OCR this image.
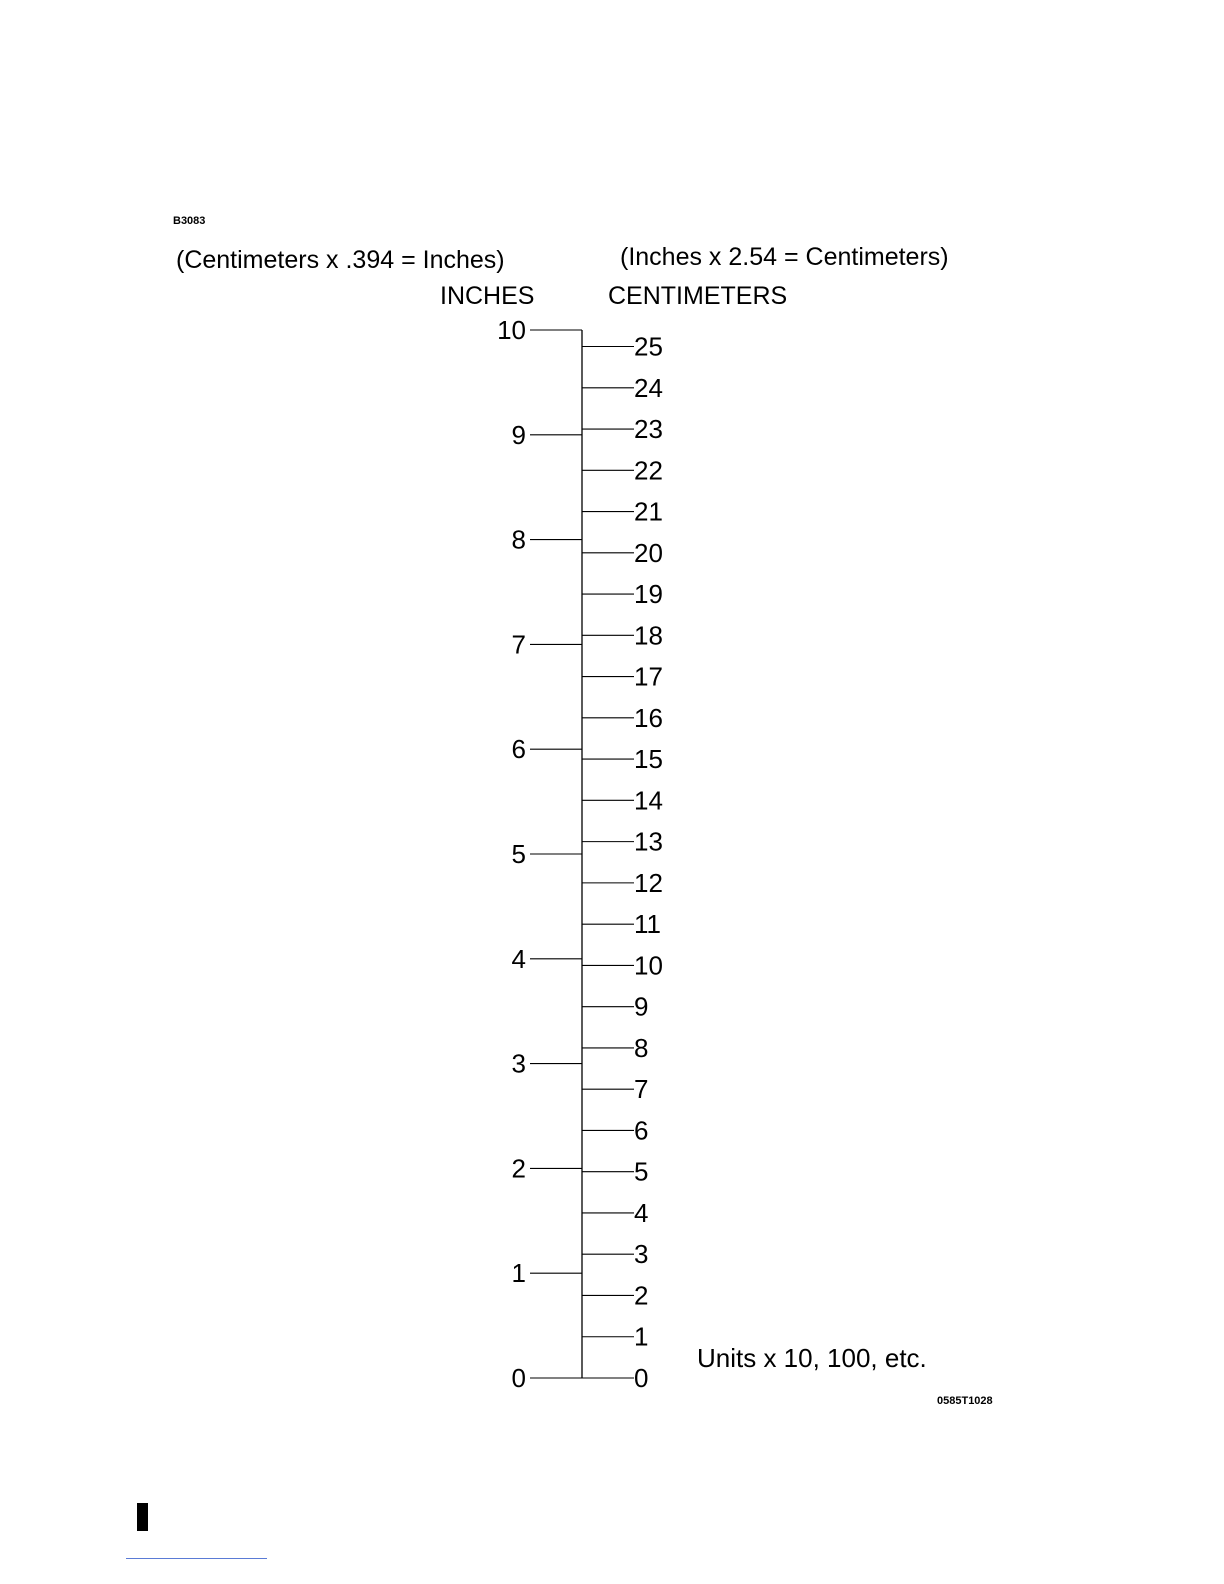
B3083
(Centimeters x .394 = Inches)	(Inches x 2.54 = Centimeters)
INCHES	CENTIMETERS
0
1
2
3
4
5
6
7
8
9
10
0
1
2
3
4
5
6
7
8
9
10
11
12
13
14
15
16
17
18
19
20
21
22
23
24
25
Units x 10, 100, etc.
0585T1028
